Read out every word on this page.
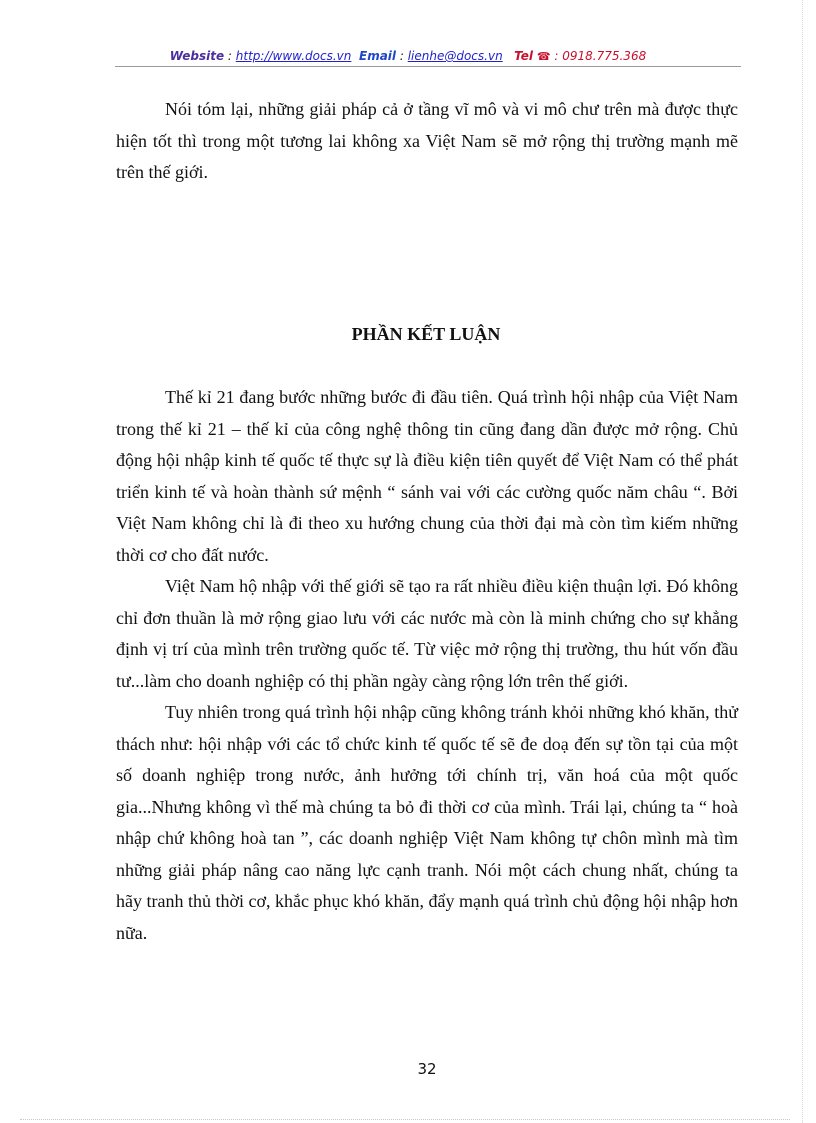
Website : http://www.docs.vn Email : lienhe@docs.vn Tel ☎ : 0918.775.368

Nói tóm lại, những giải pháp cả ở tầng vĩ mô và vi mô chư trên mà được thực hiện tốt thì trong một tương lai không xa Việt Nam sẽ mở rộng thị trường mạnh mẽ trên thế giới.

PHẦN KẾT LUẬN

Thế kỉ 21 đang bước những bước đi đầu tiên. Quá trình hội nhập của Việt Nam trong thế kỉ 21 – thế kỉ của công nghệ thông tin cũng đang dần được mở rộng. Chủ động hội nhập kinh tế quốc tế thực sự là điều kiện tiên quyết để Việt Nam có thể phát triển kinh tế và hoàn thành sứ mệnh “ sánh vai với các cường quốc năm châu “. Bởi Việt Nam không chỉ là đi theo xu hướng chung của thời đại mà còn tìm kiếm những thời cơ cho đất nước.

Việt Nam hộ nhập với thế giới sẽ tạo ra rất nhiều điều kiện thuận lợi. Đó không chỉ đơn thuần là mở rộng giao lưu với các nước mà còn là minh chứng cho sự khẳng định vị trí của mình trên trường quốc tế. Từ việc mở rộng thị trường, thu hút vốn đầu tư...làm cho doanh nghiệp có thị phần ngày càng rộng lớn trên thế giới.

Tuy nhiên trong quá trình hội nhập cũng không tránh khỏi những khó khăn, thử thách như: hội nhập với các tổ chức kinh tế quốc tế sẽ đe doạ đến sự tồn tại của một số doanh nghiệp trong nước, ảnh hưởng tới chính trị, văn hoá của một quốc gia...Nhưng không vì thế mà chúng ta bỏ đi thời cơ của mình. Trái lại, chúng ta “ hoà nhập chứ không hoà tan ”, các doanh nghiệp Việt Nam không tự chôn mình mà tìm những giải pháp nâng cao năng lực cạnh tranh. Nói một cách chung nhất, chúng ta hãy tranh thủ thời cơ, khắc phục khó khăn, đẩy mạnh quá trình chủ động hội nhập hơn nữa.

32
